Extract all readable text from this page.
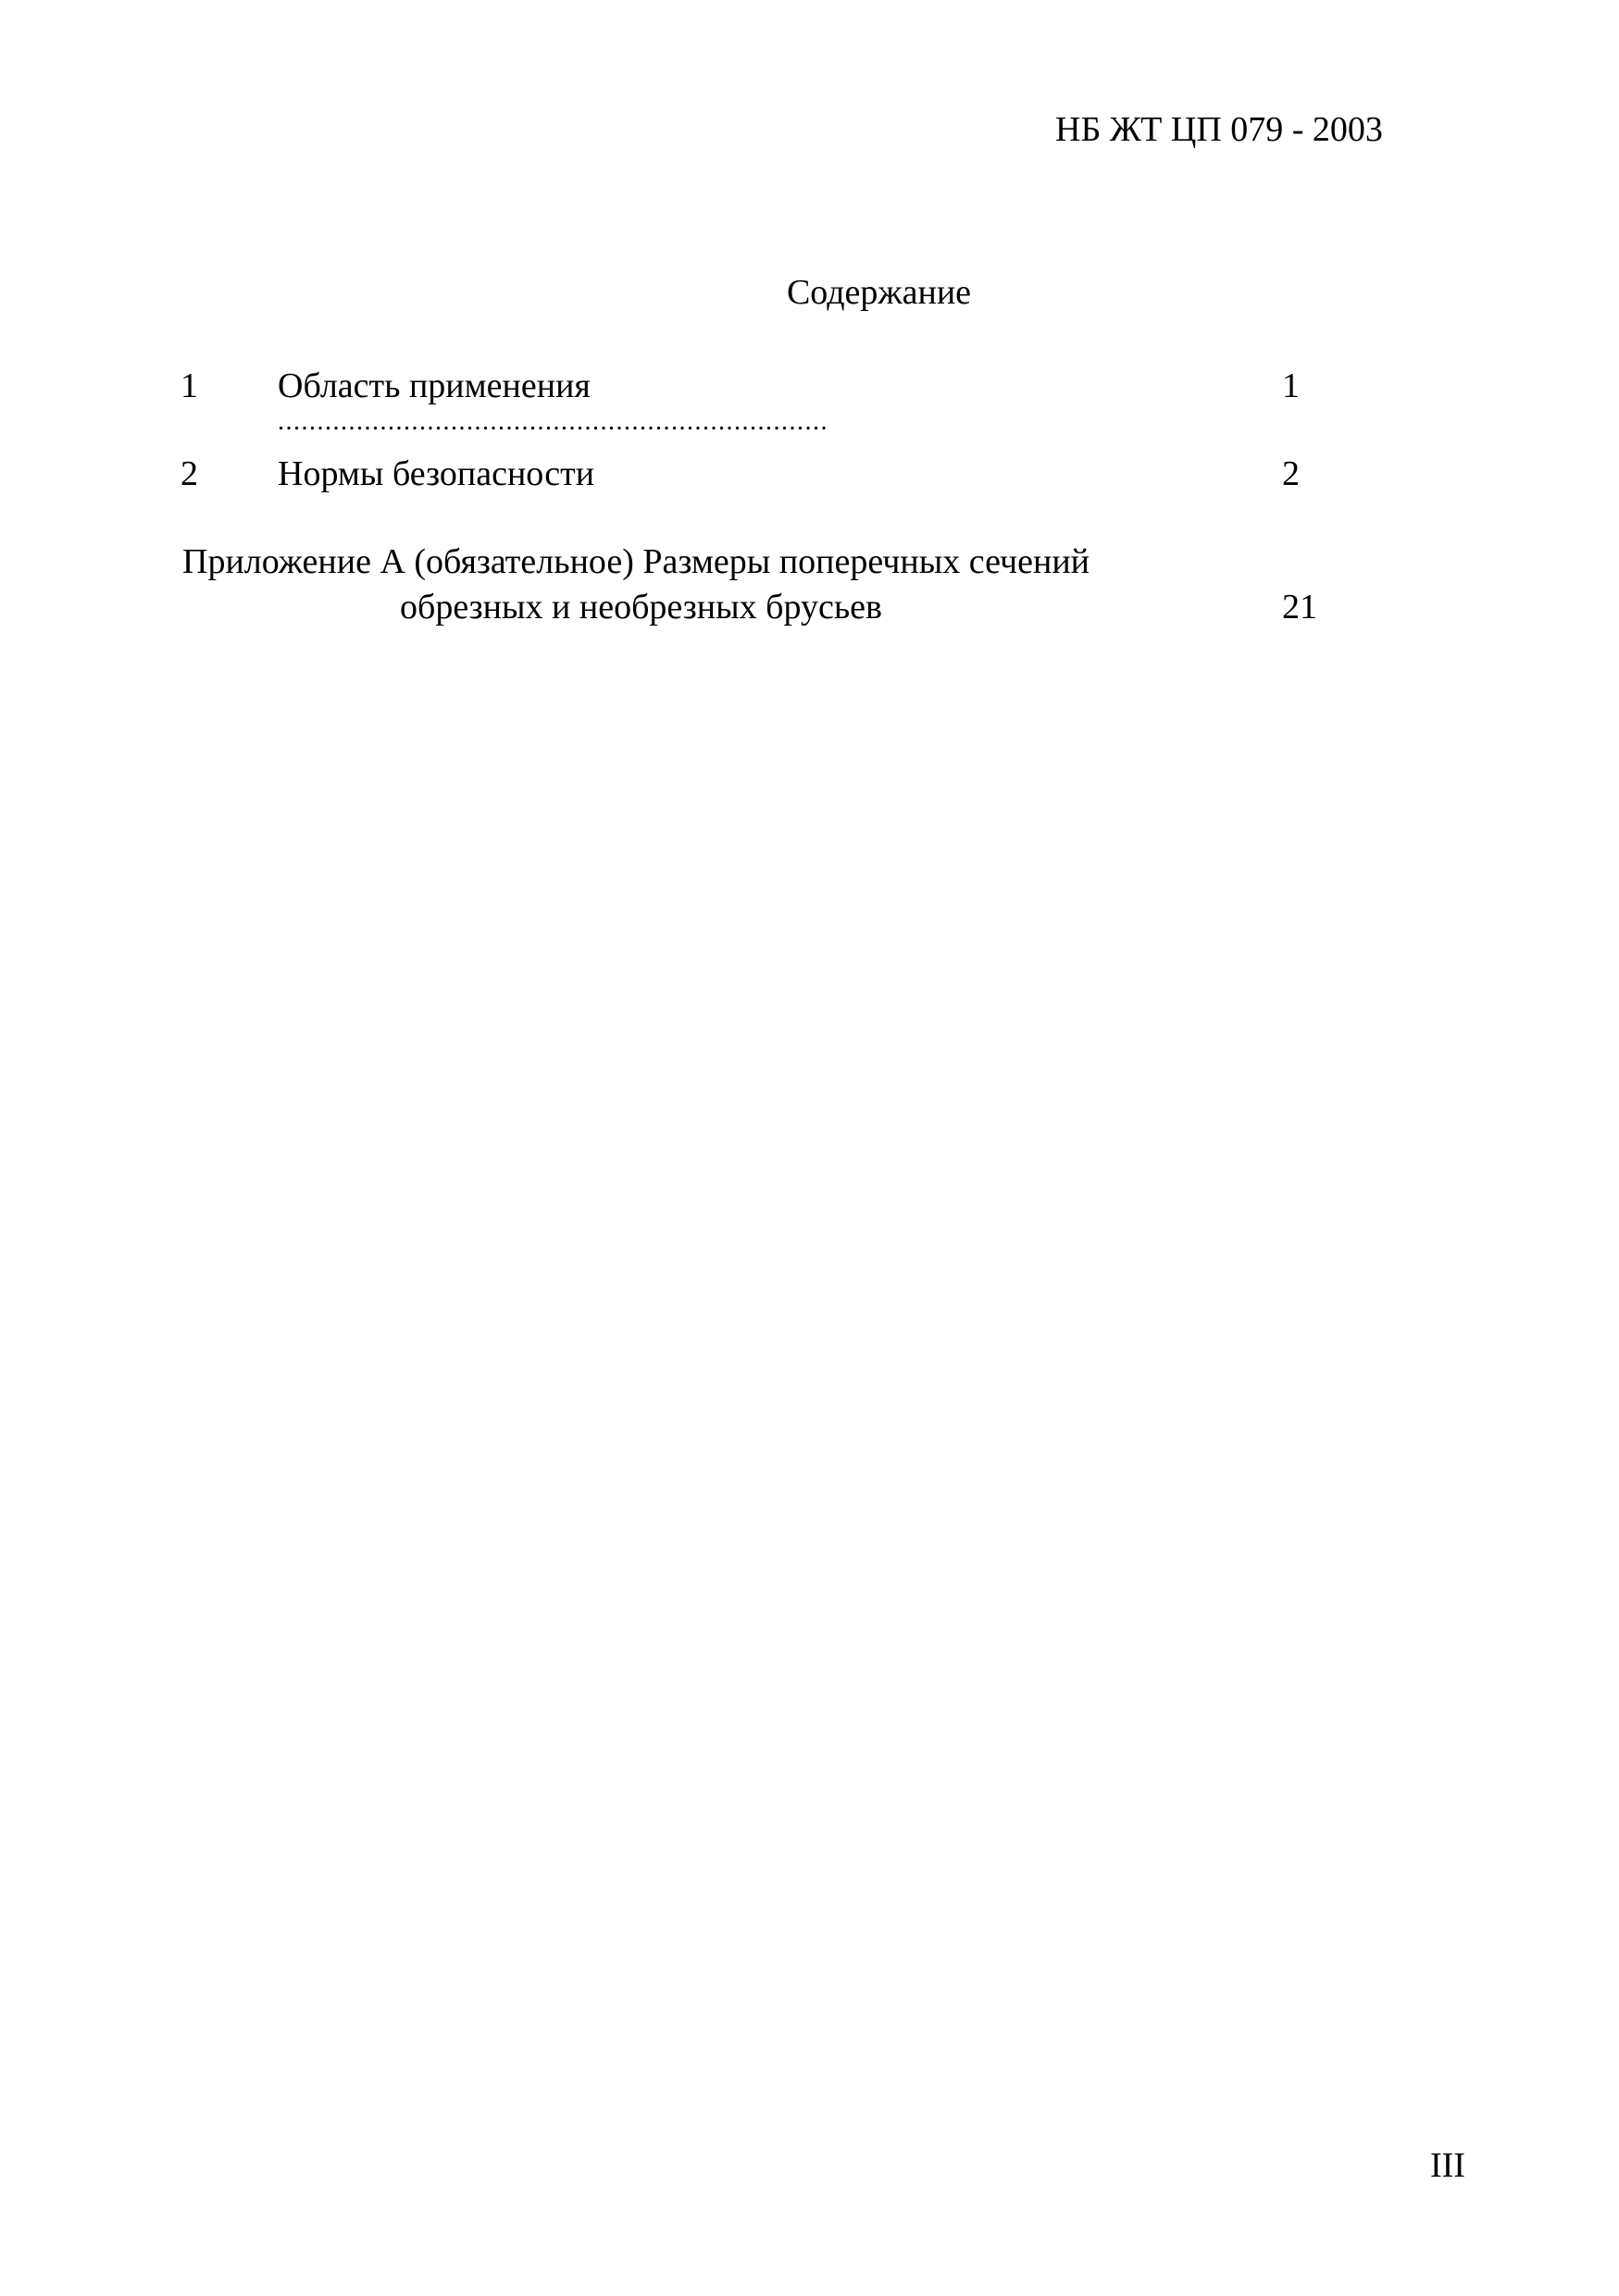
НБ ЖТ ЦП 079 - 2003
Содержание
1 Область применения	1
......................................................................
2 Нормы безопасности	2
Приложение А (обязательное) Размеры поперечных сечений
обрезных и необрезных брусьев	21
III
